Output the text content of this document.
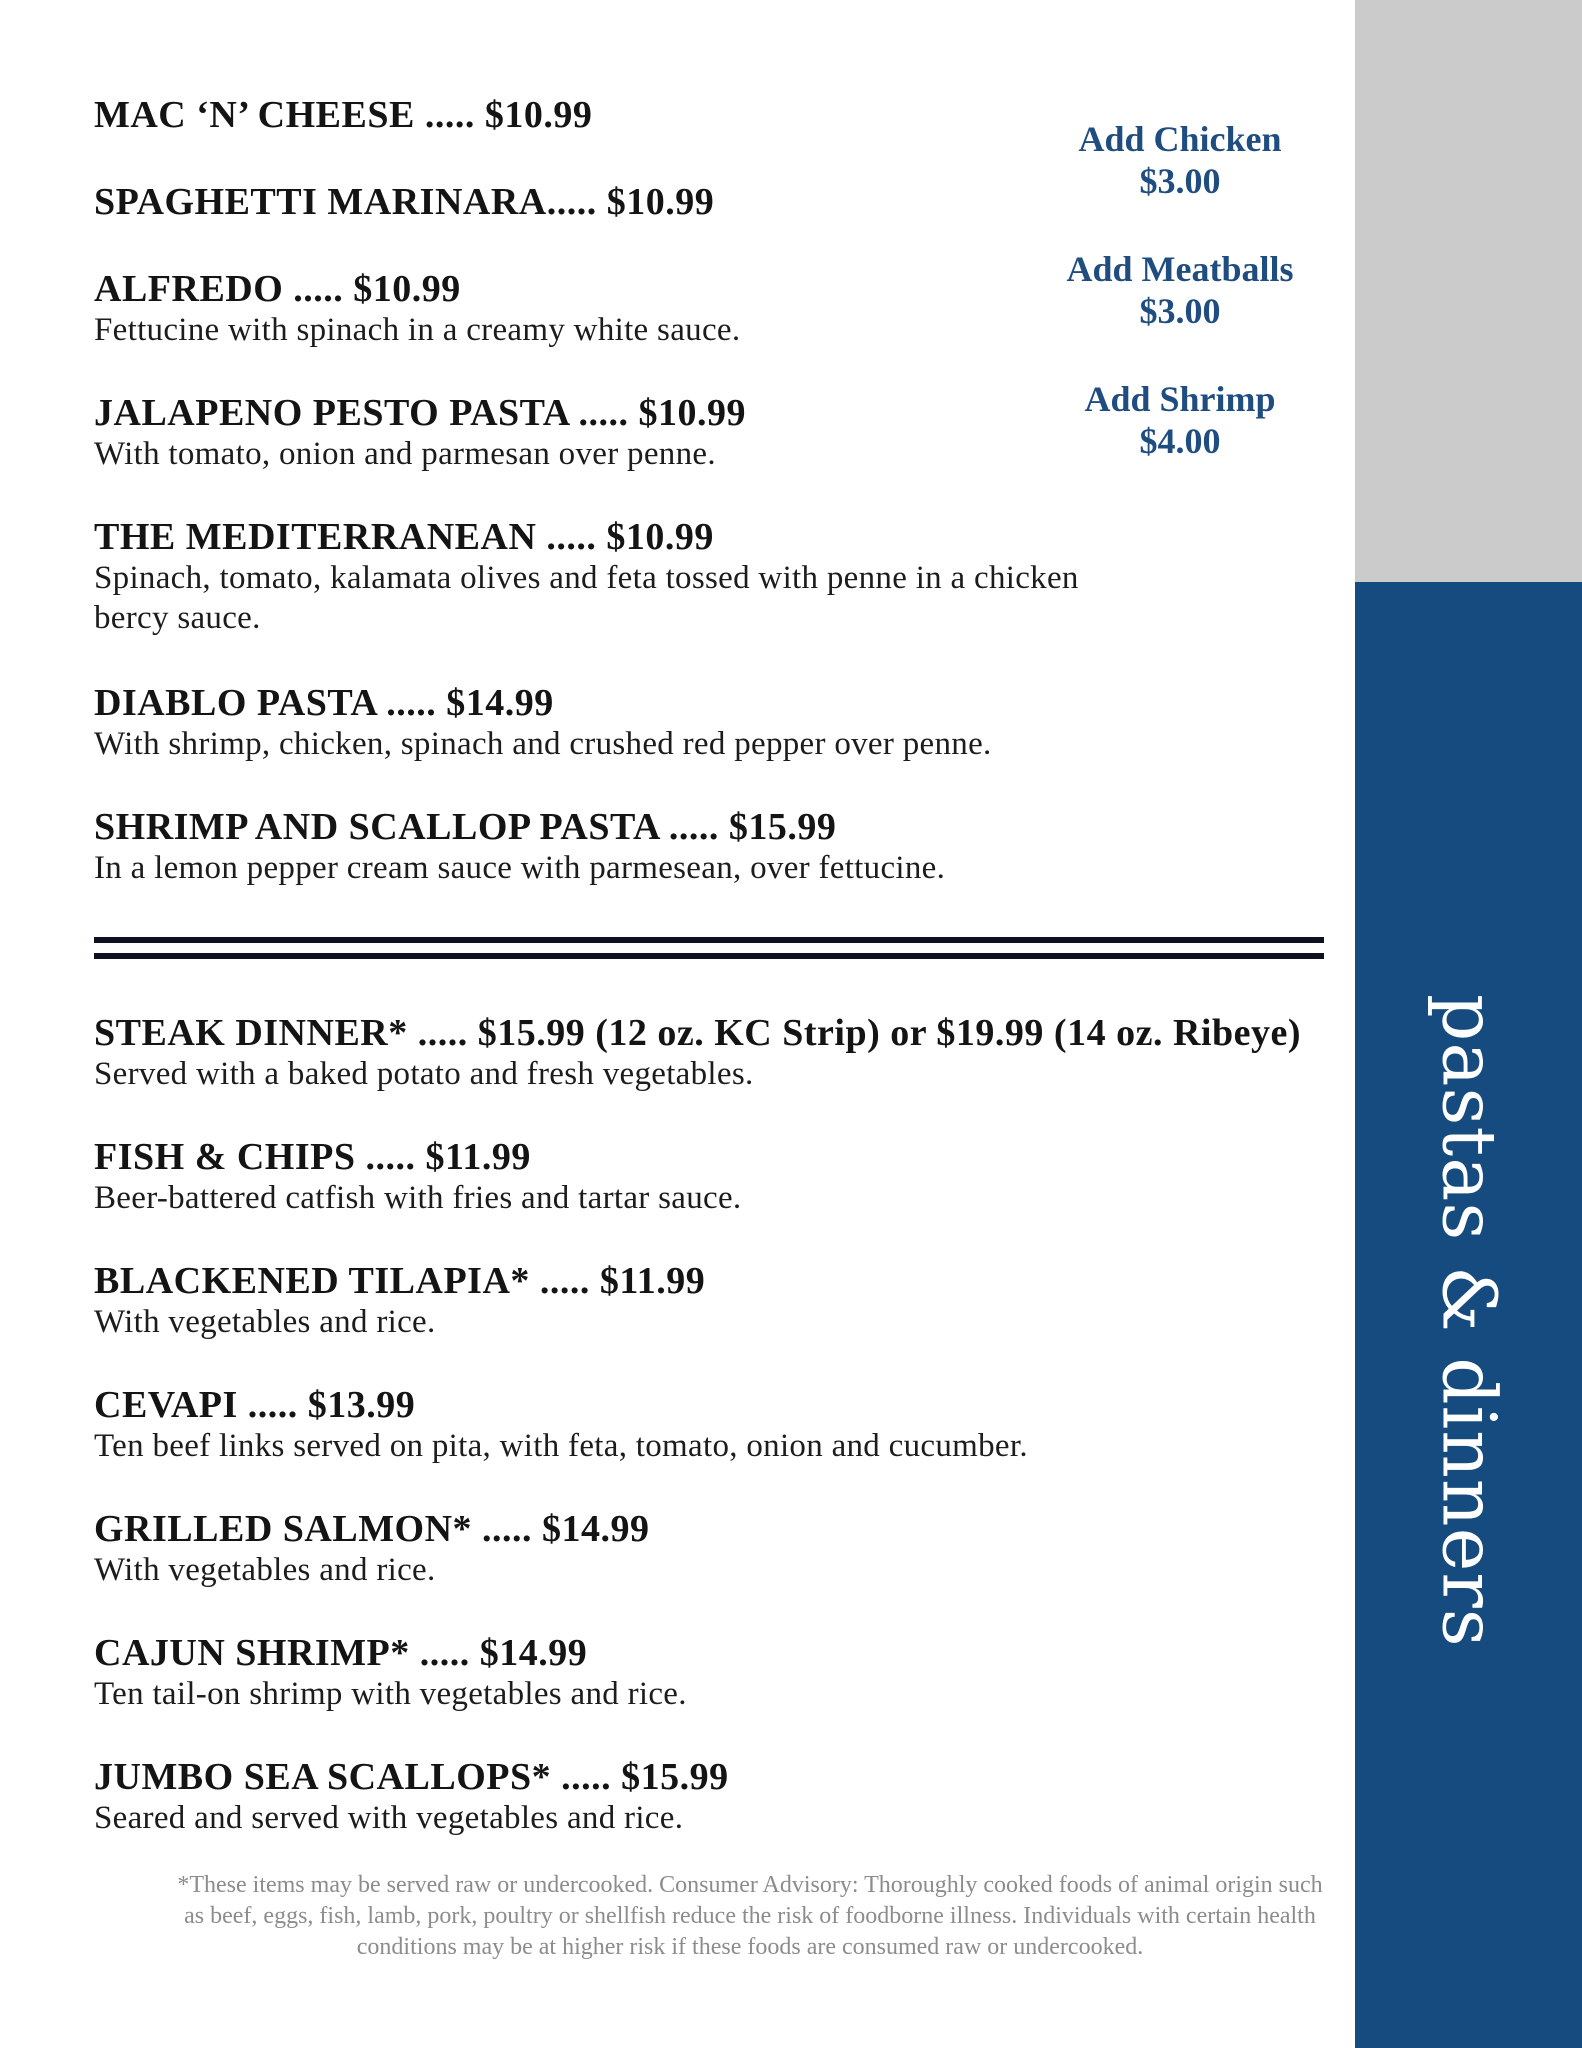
pastas & dinners
MAC ‘N’ CHEESE ..... $10.99
SPAGHETTI MARINARA..... $10.99
ALFREDO ..... $10.99
Fettucine with spinach in a creamy white sauce.
JALAPENO PESTO PASTA ..... $10.99
With tomato, onion and parmesan over penne.
THE MEDITERRANEAN ..... $10.99
Spinach, tomato, kalamata olives and feta tossed with penne in a chicken bercy sauce.
DIABLO PASTA ..... $14.99
With shrimp, chicken, spinach and crushed red pepper over penne.
SHRIMP AND SCALLOP PASTA ..... $15.99
In a lemon pepper cream sauce with parmesean, over fettucine.
Add Chicken
$3.00
Add Meatballs
$3.00
Add Shrimp
$4.00
STEAK DINNER* ..... $15.99 (12 oz. KC Strip) or $19.99 (14 oz. Ribeye)
Served with a baked potato and fresh vegetables.
FISH & CHIPS ..... $11.99
Beer-battered catfish with fries and tartar sauce.
BLACKENED TILAPIA* ..... $11.99
With vegetables and rice.
CEVAPI ..... $13.99
Ten beef links served on pita, with feta, tomato, onion and cucumber.
GRILLED SALMON* ..... $14.99
With vegetables and rice.
CAJUN SHRIMP* ..... $14.99
Ten tail-on shrimp with vegetables and rice.
JUMBO SEA SCALLOPS* ..... $15.99
Seared and served with vegetables and rice.
*These items may be served raw or undercooked. Consumer Advisory: Thoroughly cooked foods of animal origin such
as beef, eggs, fish, lamb, pork, poultry or shellfish reduce the risk of foodborne illness. Individuals with certain health
conditions may be at higher risk if these foods are consumed raw or undercooked.
